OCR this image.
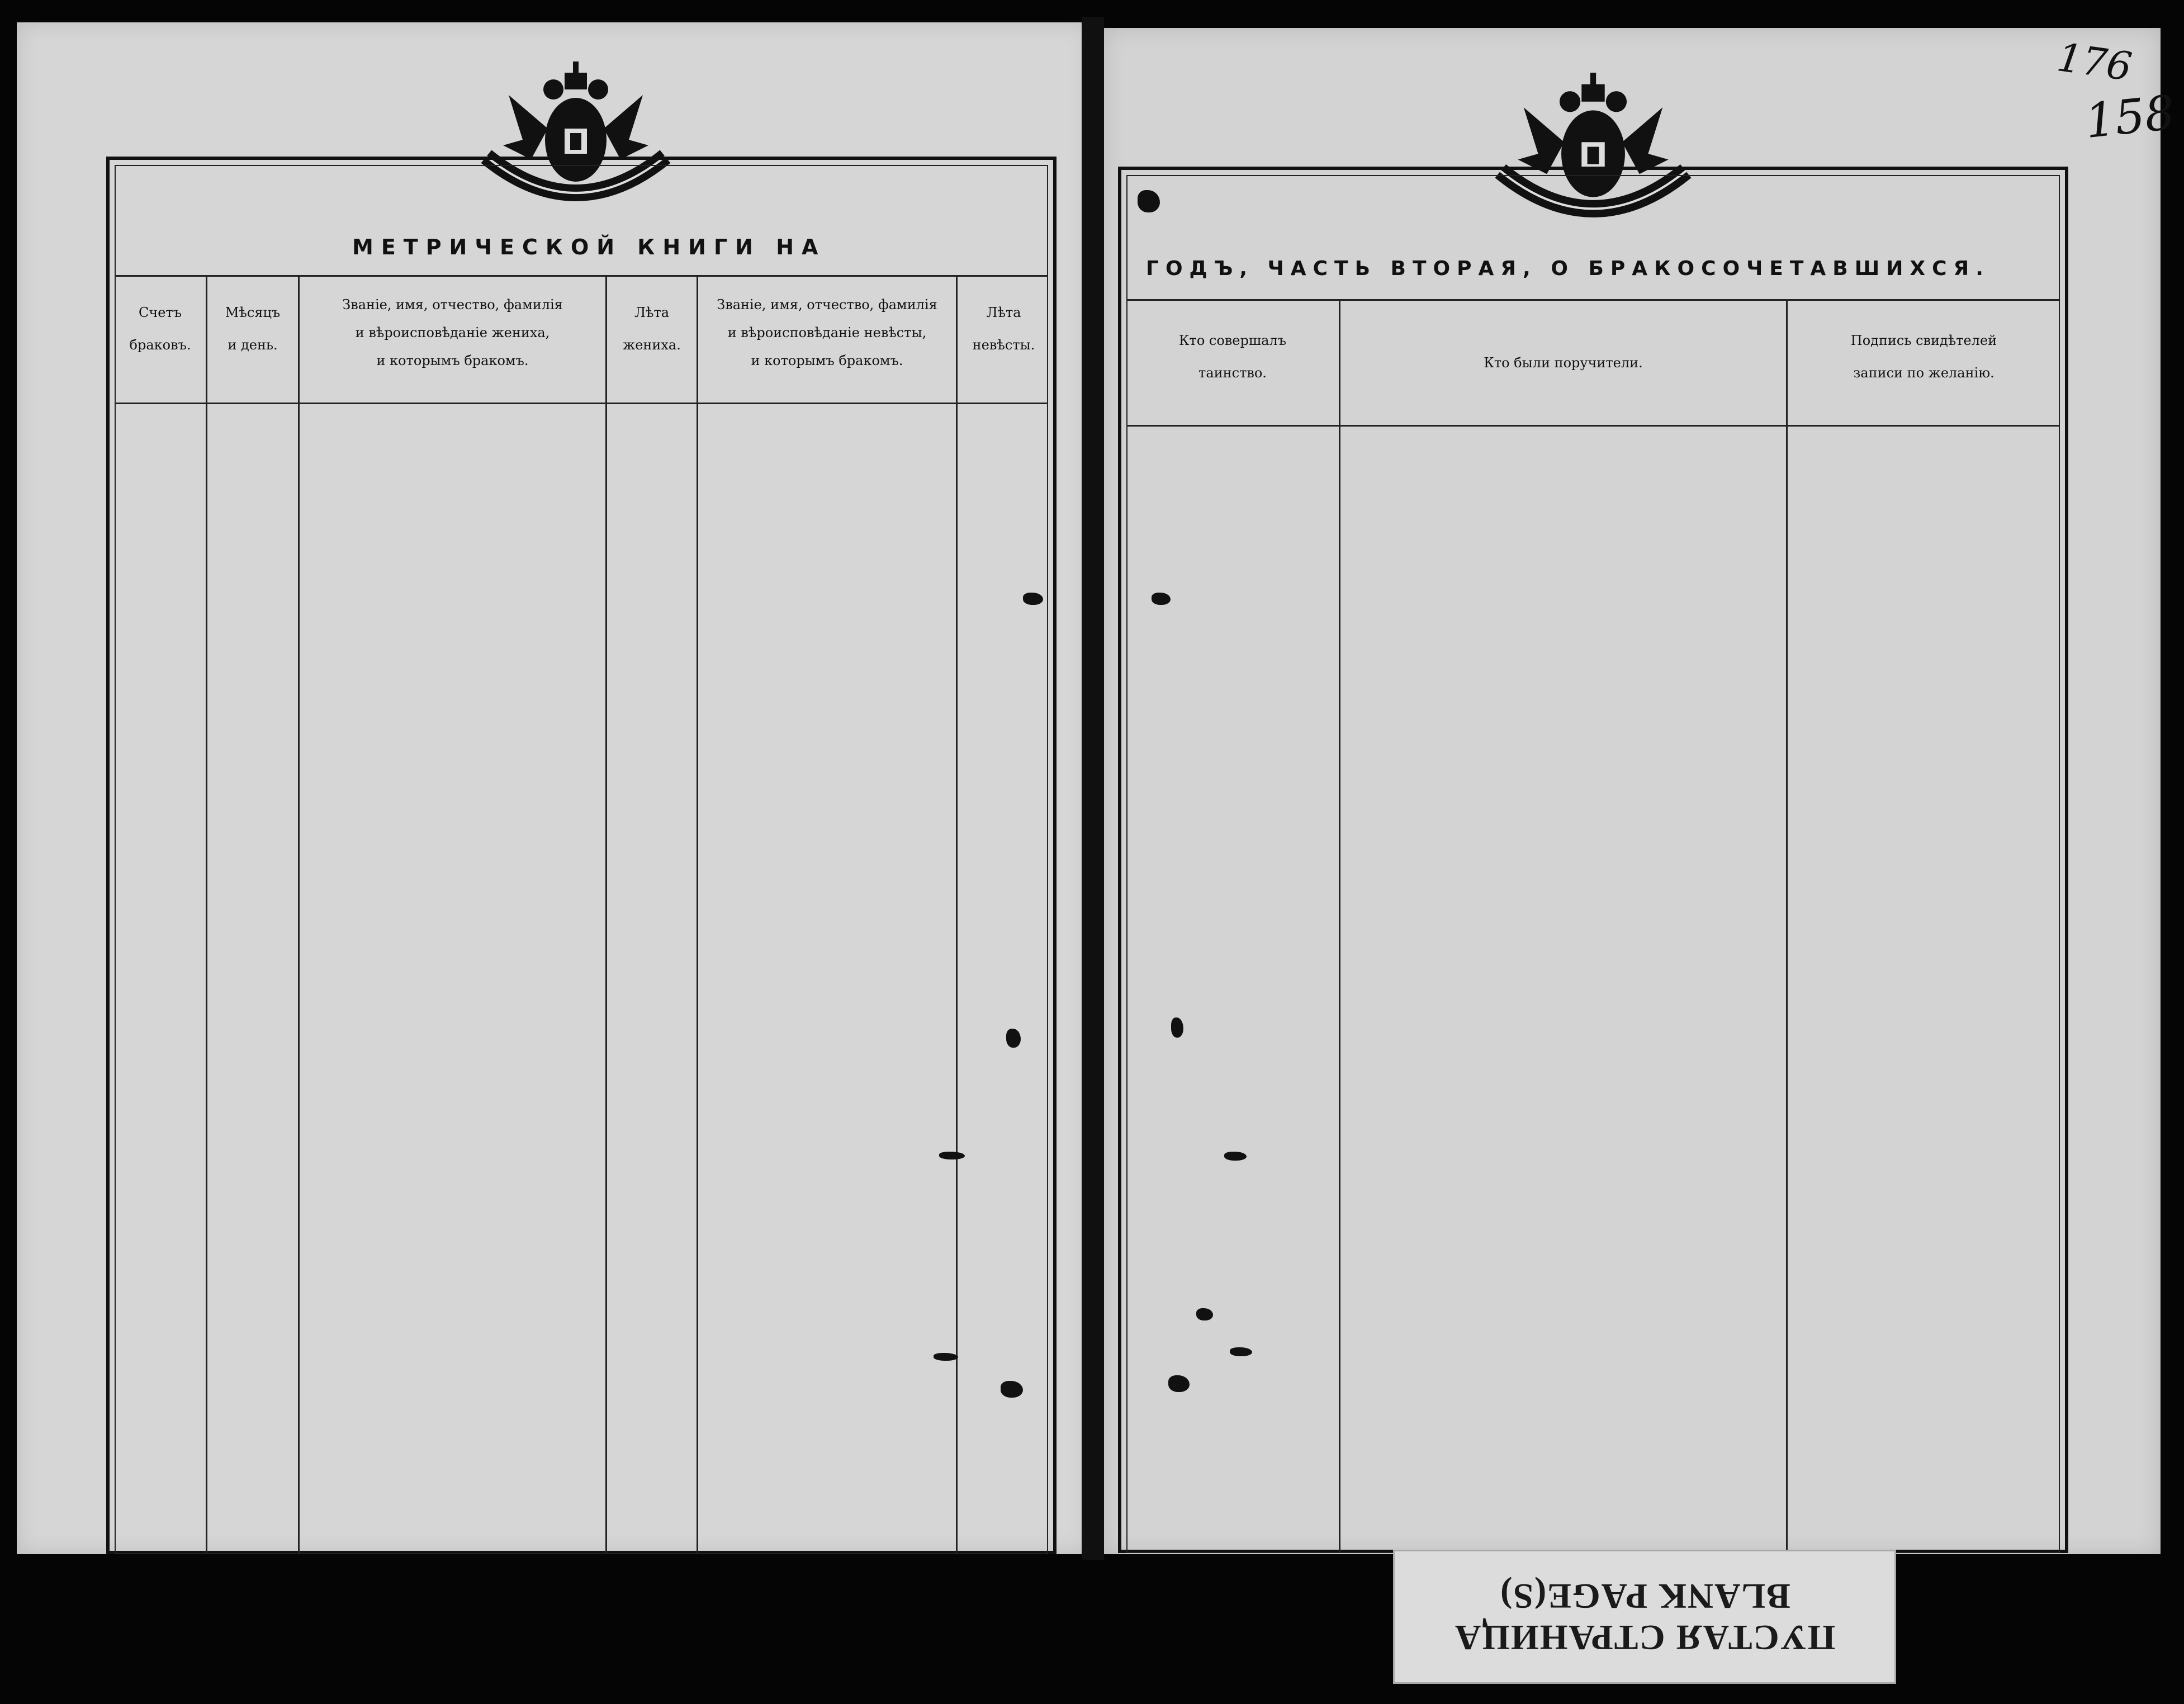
МЕТРИЧЕСКОЙ КНИГИ НА
Счетъ
браковъ.
Мѣсяцъ
и день.
Званіе, имя, отчество, фамилія
и вѣроисповѣданіе жениха,
и которымъ бракомъ.
Лѣта
жениха.
Званіе, имя, отчество, фамилія
и вѣроисповѣданіе невѣсты,
и которымъ бракомъ.
Лѣта
невѣсты.
176
158
ГОДЪ, ЧАСТЬ ВТОРАЯ, О БРАКОСОЧЕТАВШИХСЯ.
Кто совершалъ
таинство.
Кто были поручители.
Подпись свидѣтелей
записи по желанію.
BLANK PAGE(S)
ПУСТАЯ СТРАНИЦА
